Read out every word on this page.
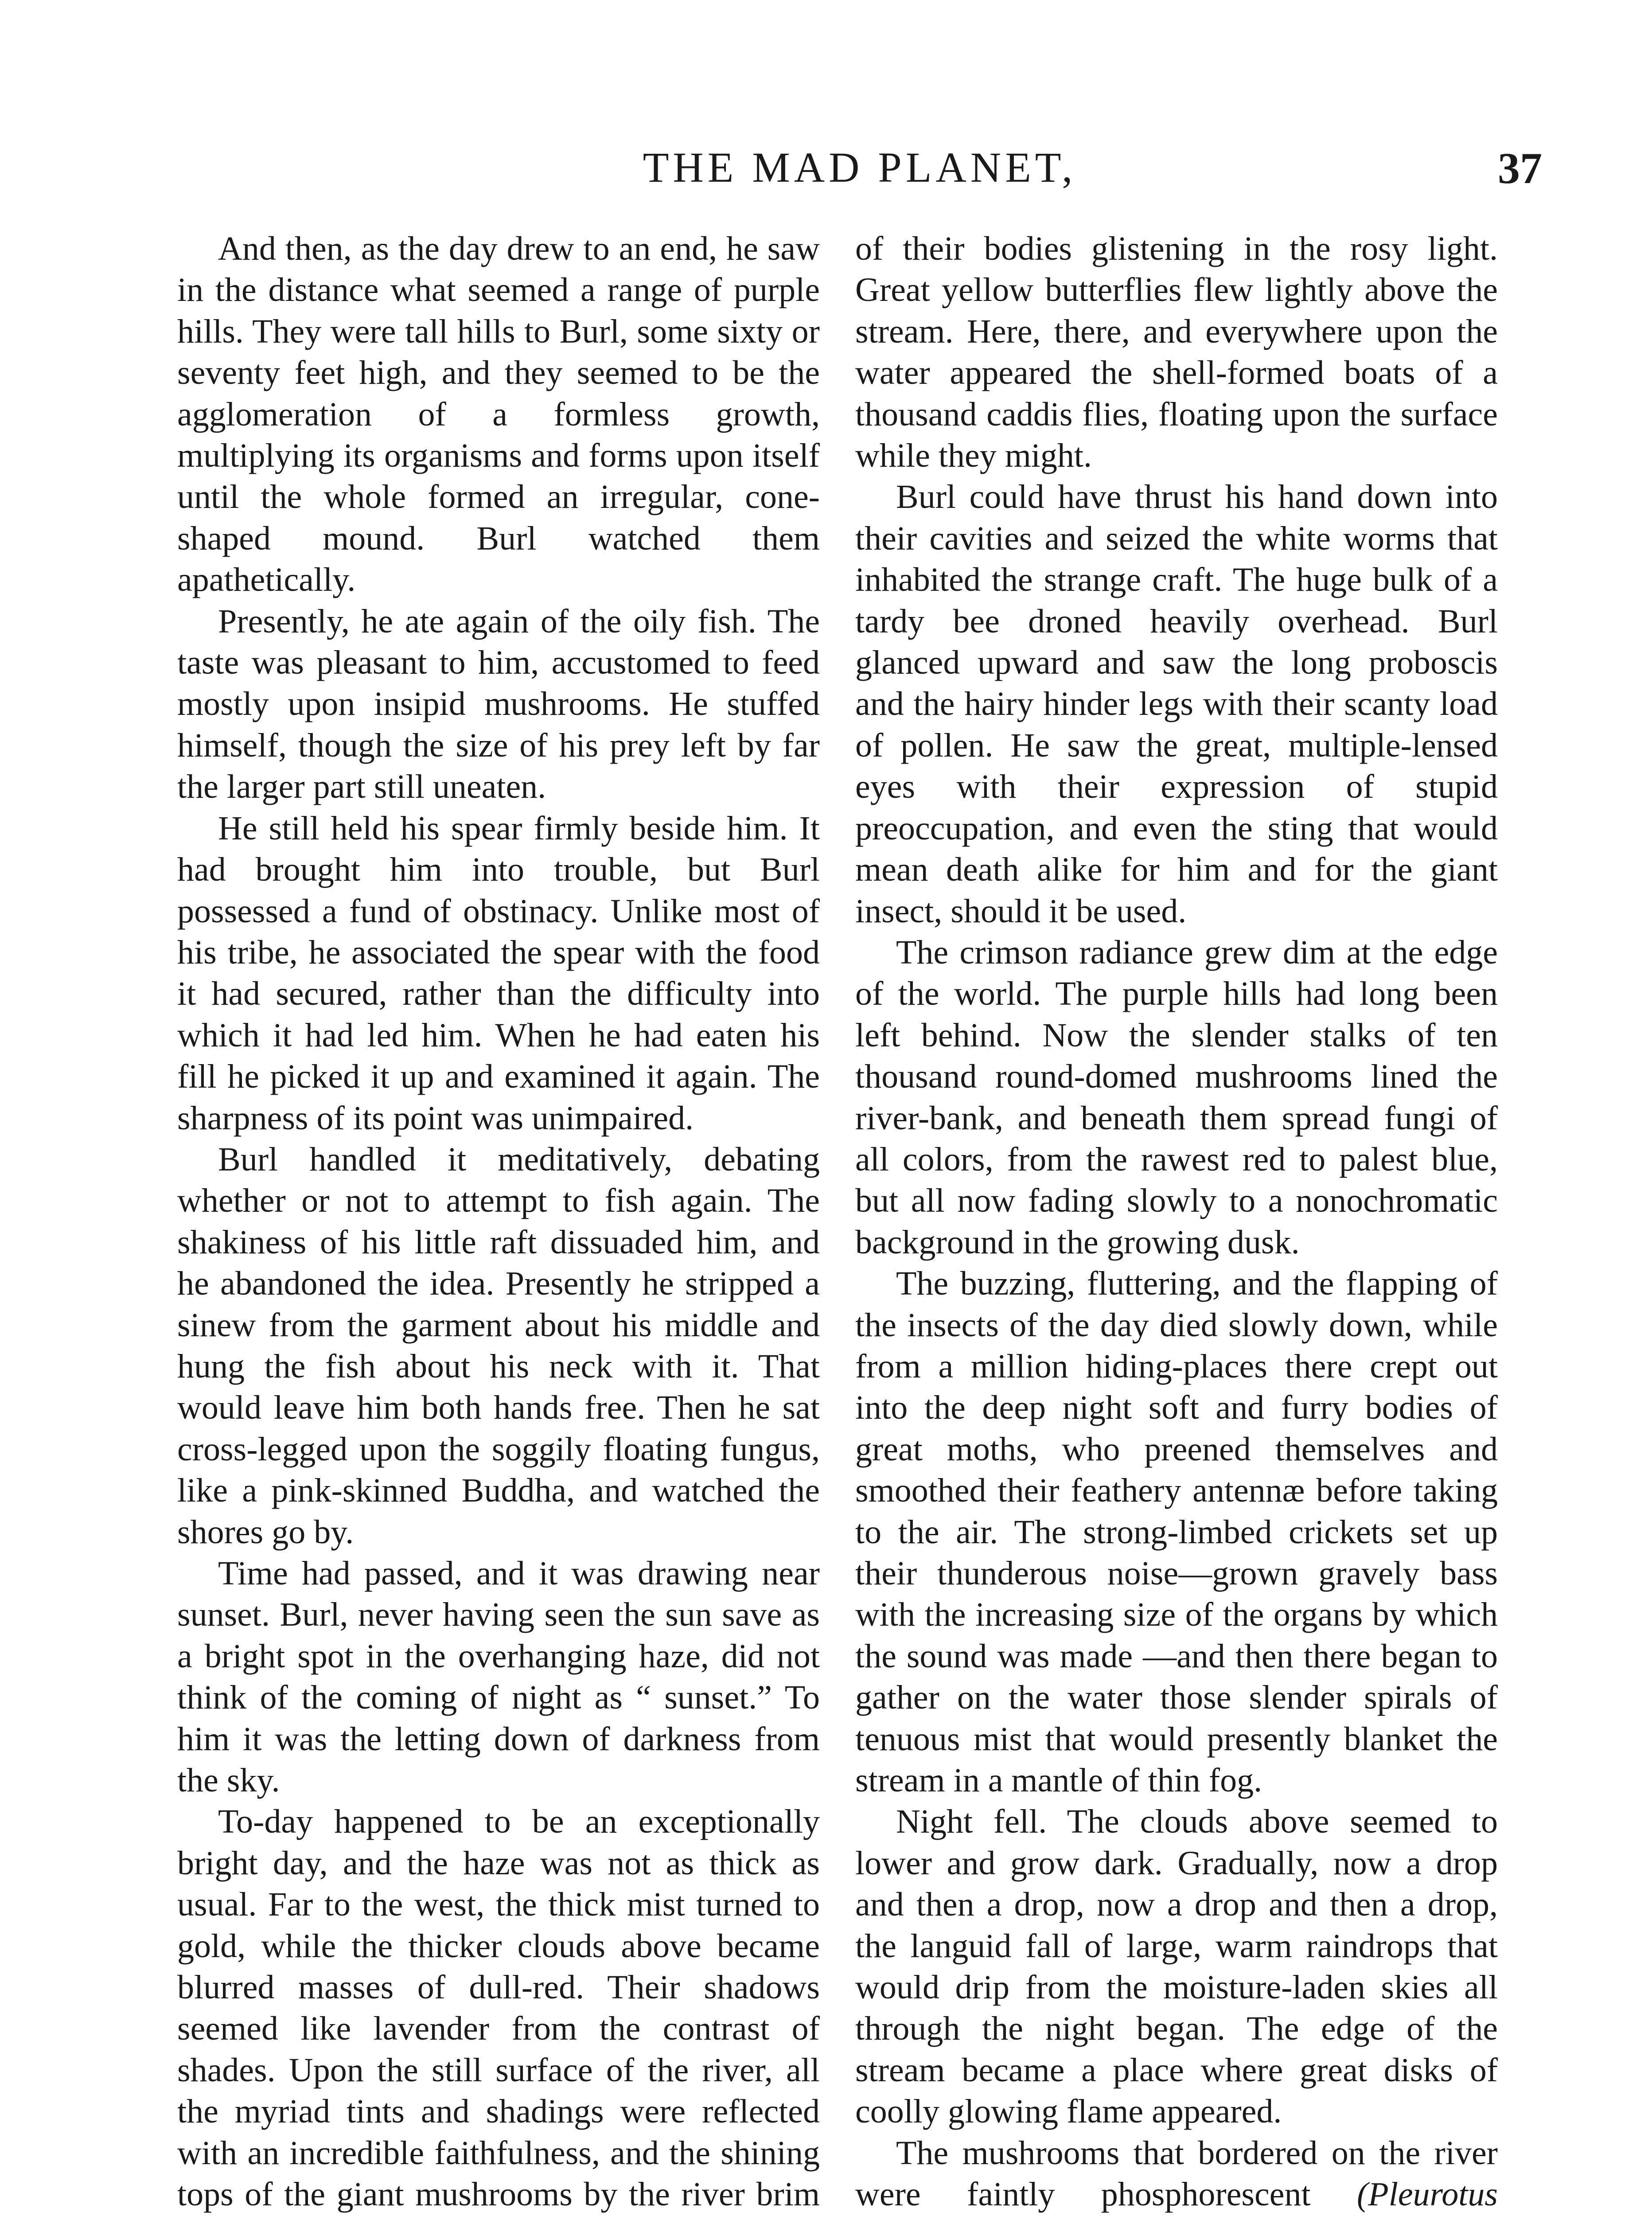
THE MAD PLANET,	37

And then, as the day drew to an end, he saw in the distance what seemed a range of purple hills. They were tall hills to Burl, some sixty or seventy feet high, and they seemed to be the agglomeration of a formless growth, multiplying its organisms and forms upon itself until the whole formed an irregular, cone-shaped mound. Burl watched them apathetically.

Presently, he ate again of the oily fish. The taste was pleasant to him, accustomed to feed mostly upon insipid mushrooms. He stuffed himself, though the size of his prey left by far the larger part still uneaten.

He still held his spear firmly beside him. It had brought him into trouble, but Burl possessed a fund of obstinacy. Unlike most of his tribe, he associated the spear with the food it had secured, rather than the difficulty into which it had led him. When he had eaten his fill he picked it up and examined it again. The sharpness of its point was unimpaired.

Burl handled it meditatively, debating whether or not to attempt to fish again. The shakiness of his little raft dissuaded him, and he abandoned the idea. Presently he stripped a sinew from the garment about his middle and hung the fish about his neck with it. That would leave him both hands free. Then he sat cross-legged upon the soggily floating fungus, like a pink-skinned Buddha, and watched the shores go by.

Time had passed, and it was drawing near sunset. Burl, never having seen the sun save as a bright spot in the overhanging haze, did not think of the coming of night as “ sunset.” To him it was the letting down of darkness from the sky.

To-day happened to be an exceptionally bright day, and the haze was not as thick as usual. Far to the west, the thick mist turned to gold, while the thicker clouds above became blurred masses of dull-red. Their shadows seemed like lavender from the contrast of shades. Upon the still surface of the river, all the myriad tints and shadings were reflected with an incredible faithfulness, and the shining tops of the giant mushrooms by the river brim

of their bodies glistening in the rosy light. Great yellow butterflies flew lightly above the stream. Here, there, and everywhere upon the water appeared the shell-formed boats of a thousand caddis flies, floating upon the surface while they might.

Burl could have thrust his hand down into their cavities and seized the white worms that inhabited the strange craft. The huge bulk of a tardy bee droned heavily overhead. Burl glanced upward and saw the long proboscis and the hairy hinder legs with their scanty load of pollen. He saw the great, multiple-lensed eyes with their expression of stupid preoccupation, and even the sting that would mean death alike for him and for the giant insect, should it be used.

The crimson radiance grew dim at the edge of the world. The purple hills had long been left behind. Now the slender stalks of ten thousand round-domed mushrooms lined the river-bank, and beneath them spread fungi of all colors, from the rawest red to palest blue, but all now fading slowly to a nonochromatic background in the growing dusk.

The buzzing, fluttering, and the flapping of the insects of the day died slowly down, while from a million hiding-places there crept out into the deep night soft and furry bodies of great moths, who preened themselves and smoothed their feathery antennæ before taking to the air. The strong-limbed crickets set up their thunderous noise—grown gravely bass with the increasing size of the organs by which the sound was made —and then there began to gather on the water those slender spirals of tenuous mist that would presently blanket the stream in a mantle of thin fog.

Night fell. The clouds above seemed to lower and grow dark. Gradually, now a drop and then a drop, now a drop and then a drop, the languid fall of large, warm raindrops that would drip from the moisture-laden skies all through the night began. The edge of the stream became a place where great disks of coolly glowing flame appeared.

The mushrooms that bordered on the river were faintly phosphorescent (Pleurotus
